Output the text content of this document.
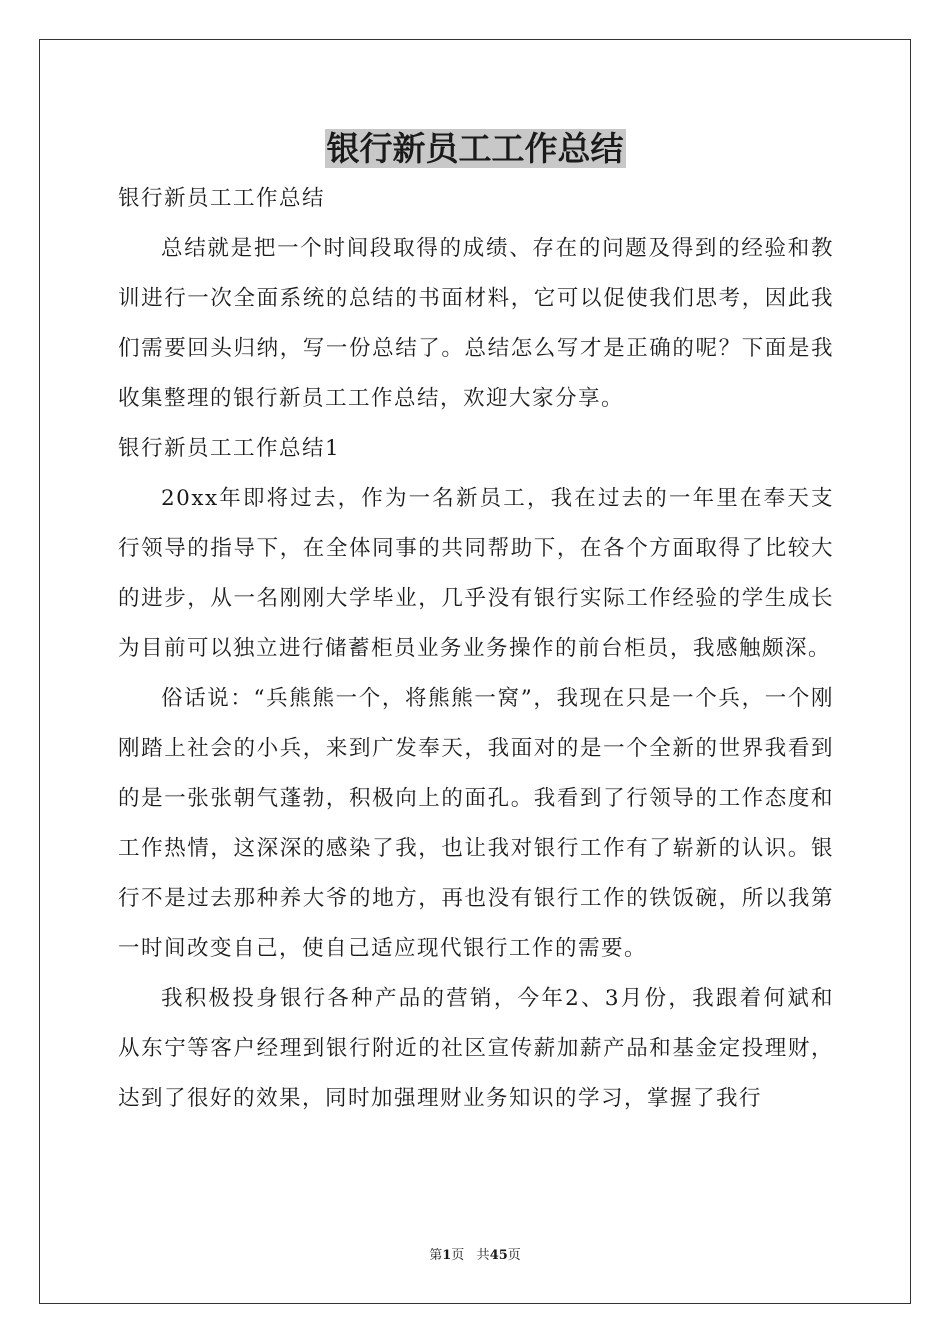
银行新员工工作总结

银行新员工工作总结

总结就是把一个时间段取得的成绩、存在的问题及得到的经验和教训进行一次全面系统的总结的书面材料，它可以促使我们思考，因此我们需要回头归纳，写一份总结了。总结怎么写才是正确的呢？下面是我收集整理的银行新员工工作总结，欢迎大家分享。

银行新员工工作总结1

20xx年即将过去，作为一名新员工，我在过去的一年里在奉天支行领导的指导下，在全体同事的共同帮助下，在各个方面取得了比较大的进步，从一名刚刚大学毕业，几乎没有银行实际工作经验的学生成长为目前可以独立进行储蓄柜员业务业务操作的前台柜员，我感触颇深。

俗话说：“兵熊熊一个，将熊熊一窝”，我现在只是一个兵，一个刚刚踏上社会的小兵，来到广发奉天，我面对的是一个全新的世界我看到的是一张张朝气蓬勃，积极向上的面孔。我看到了行领导的工作态度和工作热情，这深深的感染了我，也让我对银行工作有了崭新的认识。银行不是过去那种养大爷的地方，再也没有银行工作的铁饭碗，所以我第一时间改变自己，使自己适应现代银行工作的需要。

我积极投身银行各种产品的营销，今年2、3月份，我跟着何斌和从东宁等客户经理到银行附近的社区宣传薪加薪产品和基金定投理财，达到了很好的效果，同时加强理财业务知识的学习，掌握了我行

第1页 共45页
